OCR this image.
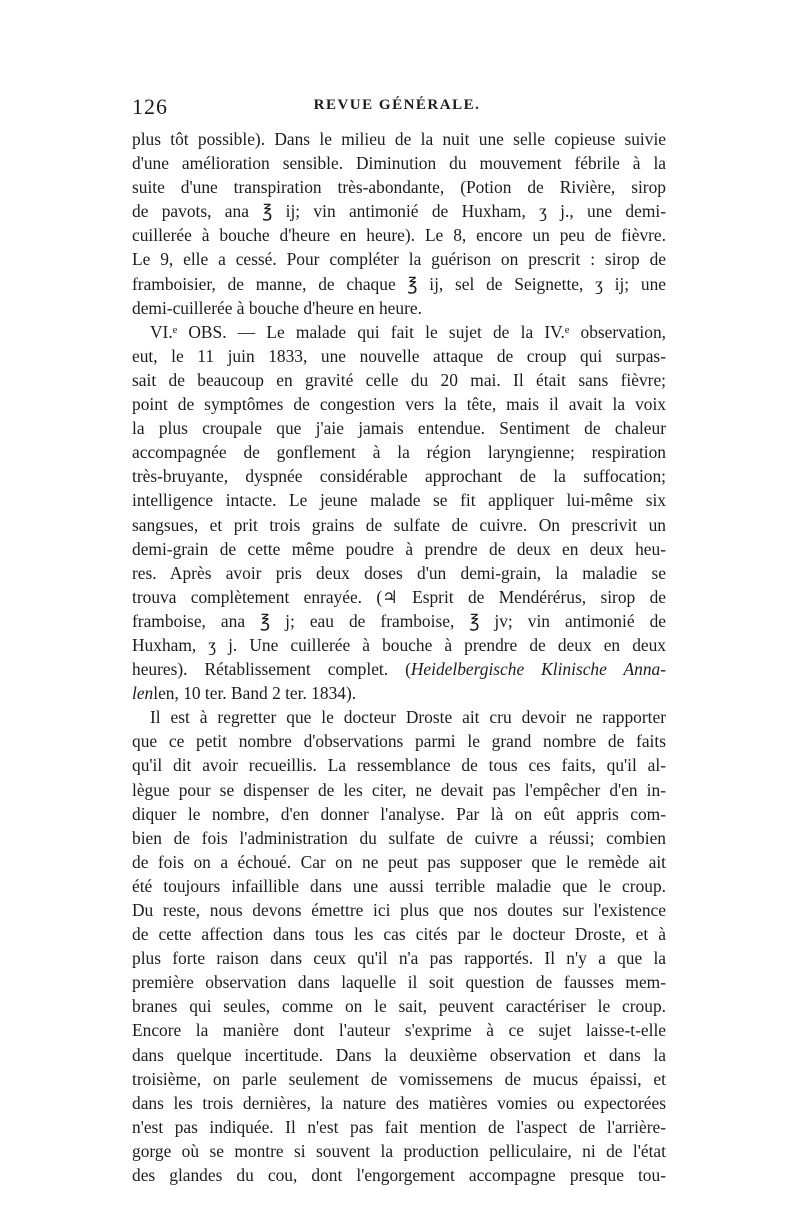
126	REVUE GÉNÉRALE.
plus tôt possible). Dans le milieu de la nuit une selle copieuse suivie
d'une amélioration sensible. Diminution du mouvement fébrile à la
suite d'une transpiration très-abondante, (Potion de Rivière, sirop
de pavots, ana ℥ ij; vin antimonié de Huxham, ʒ j., une demi-
cuillerée à bouche d'heure en heure). Le 8, encore un peu de fièvre.
Le 9, elle a cessé. Pour compléter la guérison on prescrit : sirop de
framboisier, de manne, de chaque ℥ ij, sel de Seignette, ʒ ij; une
demi-cuillerée à bouche d'heure en heure.
VI.ᵉ OBS. — Le malade qui fait le sujet de la IV.ᵉ observation,
eut, le 11 juin 1833, une nouvelle attaque de croup qui surpas-
sait de beaucoup en gravité celle du 20 mai. Il était sans fièvre;
point de symptômes de congestion vers la tête, mais il avait la voix
la plus croupale que j'aie jamais entendue. Sentiment de chaleur
accompagnée de gonflement à la région laryngienne; respiration
très-bruyante, dyspnée considérable approchant de la suffocation;
intelligence intacte. Le jeune malade se fit appliquer lui-même six
sangsues, et prit trois grains de sulfate de cuivre. On prescrivit un
demi-grain de cette même poudre à prendre de deux en deux heu-
res. Après avoir pris deux doses d'un demi-grain, la maladie se
trouva complètement enrayée. (♃ Esprit de Mendérérus, sirop de
framboise, ana ℥ j; eau de framboise, ℥ jv; vin antimonié de
Huxham, ʒ j. Une cuillerée à bouche à prendre de deux en deux
heures). Rétablissement complet. (Heidelbergische Klinische Anna-
lenlen, 10 ter. Band 2 ter. 1834).
Il est à regretter que le docteur Droste ait cru devoir ne rapporter
que ce petit nombre d'observations parmi le grand nombre de faits
qu'il dit avoir recueillis. La ressemblance de tous ces faits, qu'il al-
lègue pour se dispenser de les citer, ne devait pas l'empêcher d'en in-
diquer le nombre, d'en donner l'analyse. Par là on eût appris com-
bien de fois l'administration du sulfate de cuivre a réussi; combien
de fois on a échoué. Car on ne peut pas supposer que le remède ait
été toujours infaillible dans une aussi terrible maladie que le croup.
Du reste, nous devons émettre ici plus que nos doutes sur l'existence
de cette affection dans tous les cas cités par le docteur Droste, et à
plus forte raison dans ceux qu'il n'a pas rapportés. Il n'y a que la
première observation dans laquelle il soit question de fausses mem-
branes qui seules, comme on le sait, peuvent caractériser le croup.
Encore la manière dont l'auteur s'exprime à ce sujet laisse-t-elle
dans quelque incertitude. Dans la deuxième observation et dans la
troisième, on parle seulement de vomissemens de mucus épaissi, et
dans les trois dernières, la nature des matières vomies ou expectorées
n'est pas indiquée. Il n'est pas fait mention de l'aspect de l'arrière-
gorge où se montre si souvent la production pelliculaire, ni de l'état
des glandes du cou, dont l'engorgement accompagne presque tou-
